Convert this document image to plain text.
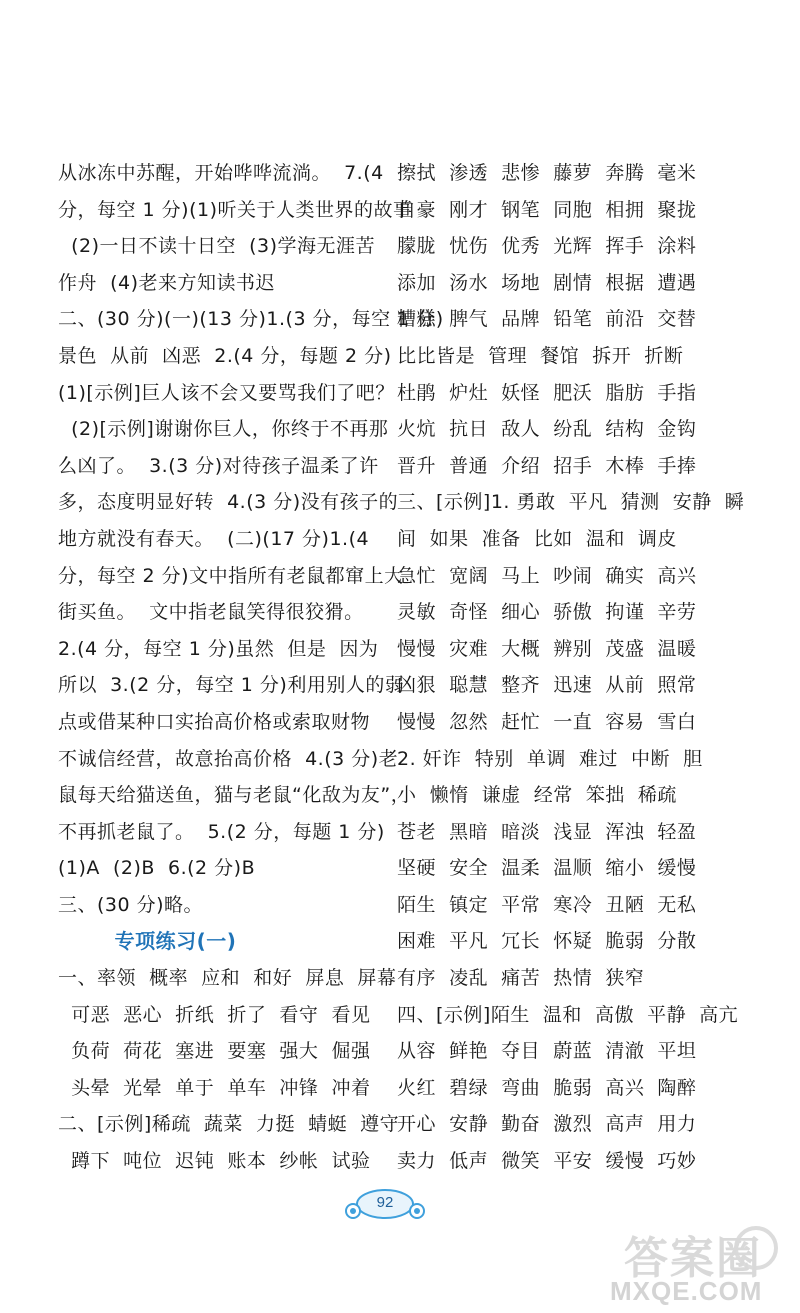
从冰冻中苏醒，开始哗哗流淌。  7.(4
分，每空 1 分)(1)听关于人类世界的故事
(2)一日不读十日空  (3)学海无涯苦
作舟  (4)老来方知读书迟
二、(30 分)(一)(13 分)1.(3 分，每空 1 分)
景色  从前  凶恶  2.(4 分，每题 2 分)
(1)[示例]巨人该不会又要骂我们了吧？
(2)[示例]谢谢你巨人，你终于不再那
么凶了。  3.(3 分)对待孩子温柔了许
多，态度明显好转  4.(3 分)没有孩子的
地方就没有春天。  (二)(17 分)1.(4
分，每空 2 分)文中指所有老鼠都窜上大
街买鱼。  文中指老鼠笑得很狡猾。
2.(4 分，每空 1 分)虽然  但是  因为
所以  3.(2 分，每空 1 分)利用别人的弱
点或借某种口实抬高价格或索取财物
不诚信经营，故意抬高价格  4.(3 分)老
鼠每天给猫送鱼，猫与老鼠“化敌为友”，
不再抓老鼠了。  5.(2 分，每题 1 分)
(1)A  (2)B  6.(2 分)B
三、(30 分)略。
专项练习(一)
一、率领  概率  应和  和好  屏息  屏幕
可恶  恶心  折纸  折了  看守  看见
负荷  荷花  塞进  要塞  强大  倔强
头晕  光晕  单于  单车  冲锋  冲着
二、[示例]稀疏  蔬菜  力挺  蜻蜓  遵守
蹲下  吨位  迟钝  账本  纱帐  试验
擦拭  渗透  悲惨  藤萝  奔腾  毫米
自豪  刚才  钢笔  同胞  相拥  聚拢
朦胧  忧伤  优秀  光辉  挥手  涂料
添加  汤水  场地  剧情  根据  遭遇
糟糕  脾气  品牌  铅笔  前沿  交替
比比皆是  管理  餐馆  拆开  折断
杜鹃  炉灶  妖怪  肥沃  脂肪  手指
火炕  抗日  敌人  纷乱  结构  金钩
晋升  普通  介绍  招手  木棒  手捧
三、[示例]1. 勇敢  平凡  猜测  安静  瞬
间  如果  准备  比如  温和  调皮
急忙  宽阔  马上  吵闹  确实  高兴
灵敏  奇怪  细心  骄傲  拘谨  辛劳
慢慢  灾难  大概  辨别  茂盛  温暖
凶狠  聪慧  整齐  迅速  从前  照常
慢慢  忽然  赶忙  一直  容易  雪白
2. 奸诈  特别  单调  难过  中断  胆
小  懒惰  谦虚  经常  笨拙  稀疏
苍老  黑暗  暗淡  浅显  浑浊  轻盈
坚硬  安全  温柔  温顺  缩小  缓慢
陌生  镇定  平常  寒冷  丑陋  无私
困难  平凡  冗长  怀疑  脆弱  分散
有序  凌乱  痛苦  热情  狭窄
四、[示例]陌生  温和  高傲  平静  高亢
从容  鲜艳  夺目  蔚蓝  清澈  平坦
火红  碧绿  弯曲  脆弱  高兴  陶醉
开心  安静  勤奋  激烈  高声  用力
卖力  低声  微笑  平安  缓慢  巧妙
92
答案圈
MXQE.COM
